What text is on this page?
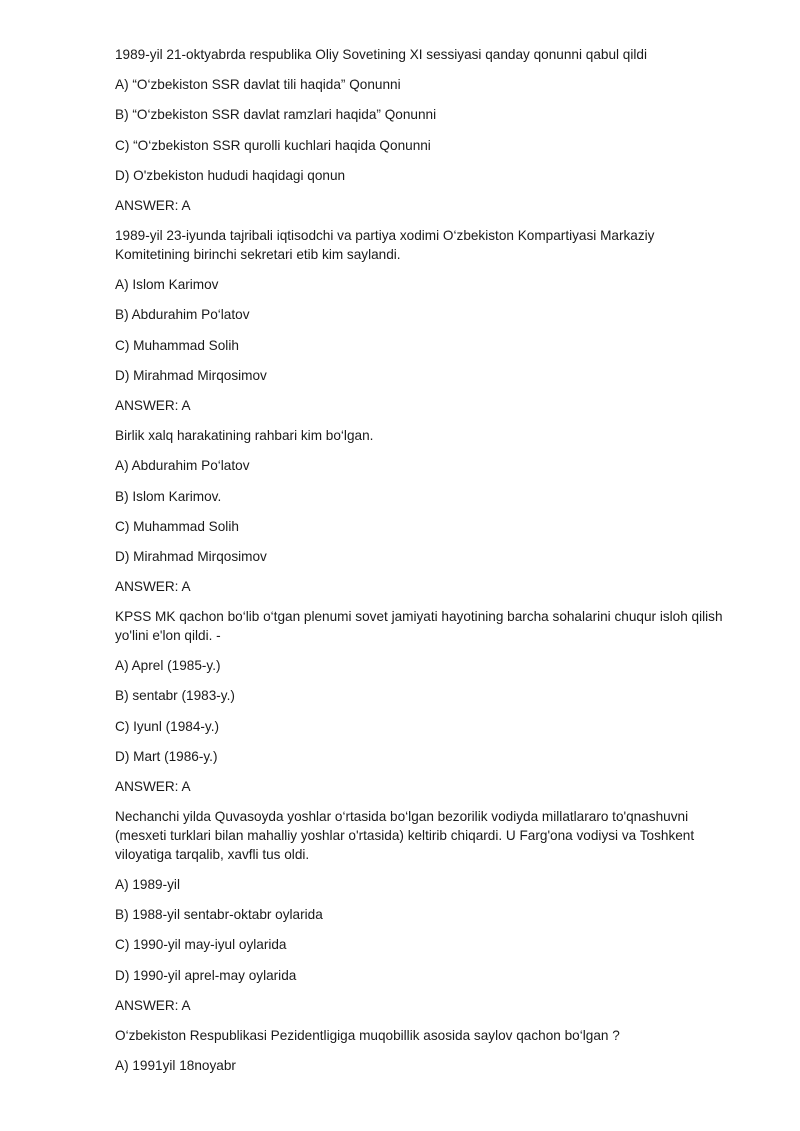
1989-yil 21-oktyabrda respublika Oliy Sovetining XI sessiyasi qanday qonunni qabul qildi
A) “O‘zbekiston SSR davlat tili haqida” Qonunni
B) “O‘zbekiston SSR davlat ramzlari haqida” Qonunni
C) “O‘zbekiston SSR qurolli kuchlari haqida Qonunni
D) O'zbekiston hududi haqidagi qonun
ANSWER: A
1989-yil 23-iyunda tajribali iqtisodchi va partiya xodimi O‘zbekiston Kompartiyasi Markaziy Komitetining birinchi sekretari etib kim saylandi.
A) Islom Karimov
B) Abdurahim Po‘latov
C) Muhammad Solih
D) Mirahmad Mirqosimov
ANSWER: A
Birlik xalq harakatining rahbari kim bo‘lgan.
A) Abdurahim Po‘latov
B) Islom Karimov.
C) Muhammad Solih
D) Mirahmad Mirqosimov
ANSWER: A
KPSS MK qachon bo‘lib o‘tgan plenumi sovet jamiyati hayotining barcha sohalarini chuqur isloh qilish yo'lini e'lon qildi. -
A) Aprel (1985-y.)
B) sentabr (1983-y.)
C) Iyunl (1984-y.)
D) Mart (1986-y.)
ANSWER: A
Nechanchi yilda Quvasoyda yoshlar o‘rtasida bo‘lgan bezorilik vodiyda millatlararo to'qnashuvni (mesxeti turklari bilan mahalliy yoshlar o'rtasida) keltirib chiqardi. U Farg'ona vodiysi va Toshkent viloyatiga tarqalib, xavfli tus oldi.
A) 1989-yil
B) 1988-yil sentabr-oktabr oylarida
C) 1990-yil may-iyul oylarida
D) 1990-yil aprel-may oylarida
ANSWER: A
O‘zbekiston Respublikasi Pezidentligiga muqobillik asosida saylov qachon bo‘lgan ?
A) 1991yil 18noyabr
